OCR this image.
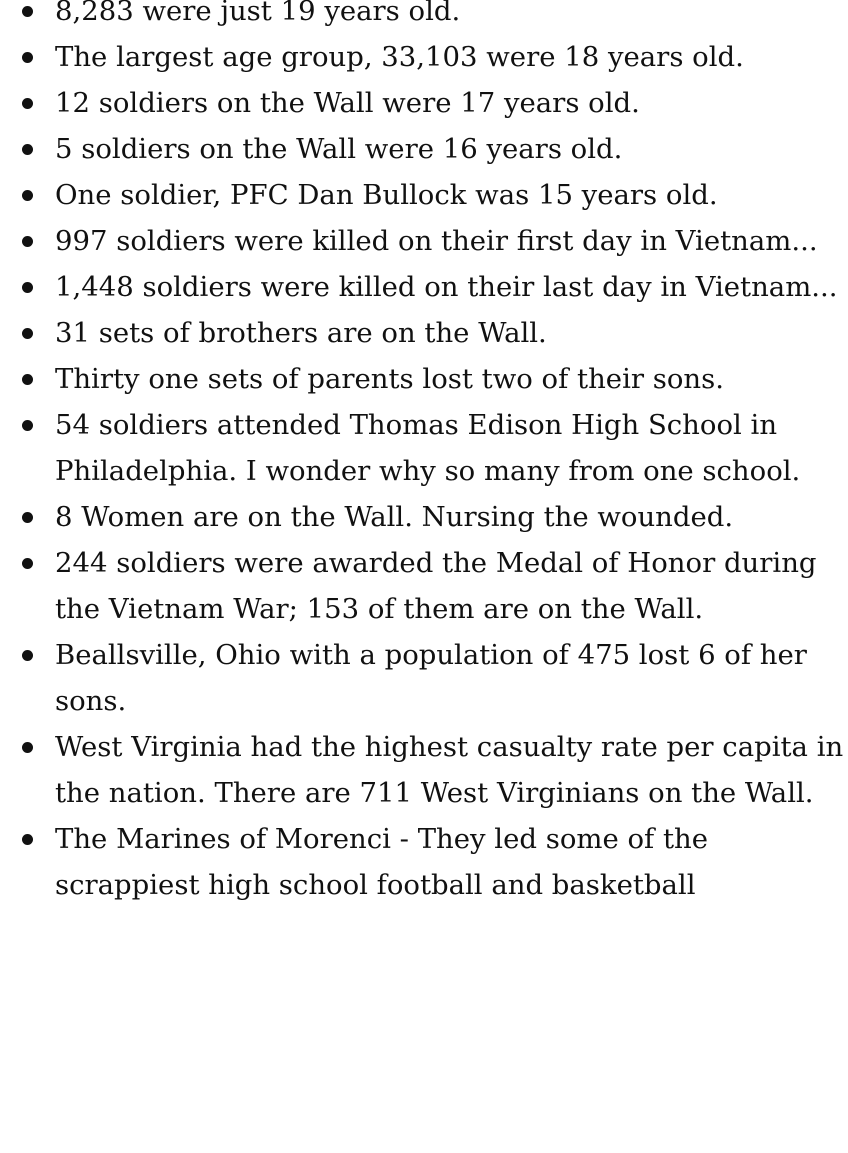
8,283 were just 19 years old.
The largest age group, 33,103 were 18 years old.
12 soldiers on the Wall were 17 years old.
5 soldiers on the Wall were 16 years old.
One soldier, PFC Dan Bullock was 15 years old.
997 soldiers were killed on their first day in Vietnam...
1,448 soldiers were killed on their last day in Vietnam...
31 sets of brothers are on the Wall.
Thirty one sets of parents lost two of their sons.
54 soldiers attended Thomas Edison High School in Philadelphia. I wonder why so many from one school.
8 Women are on the Wall. Nursing the wounded.
244 soldiers were awarded the Medal of Honor during the Vietnam War; 153 of them are on the Wall.
Beallsville, Ohio with a population of 475 lost 6 of her sons.
West Virginia had the highest casualty rate per capita in the nation. There are 711 West Virginians on the Wall.
The Marines of Morenci - They led some of the scrappiest high school football and basketball
